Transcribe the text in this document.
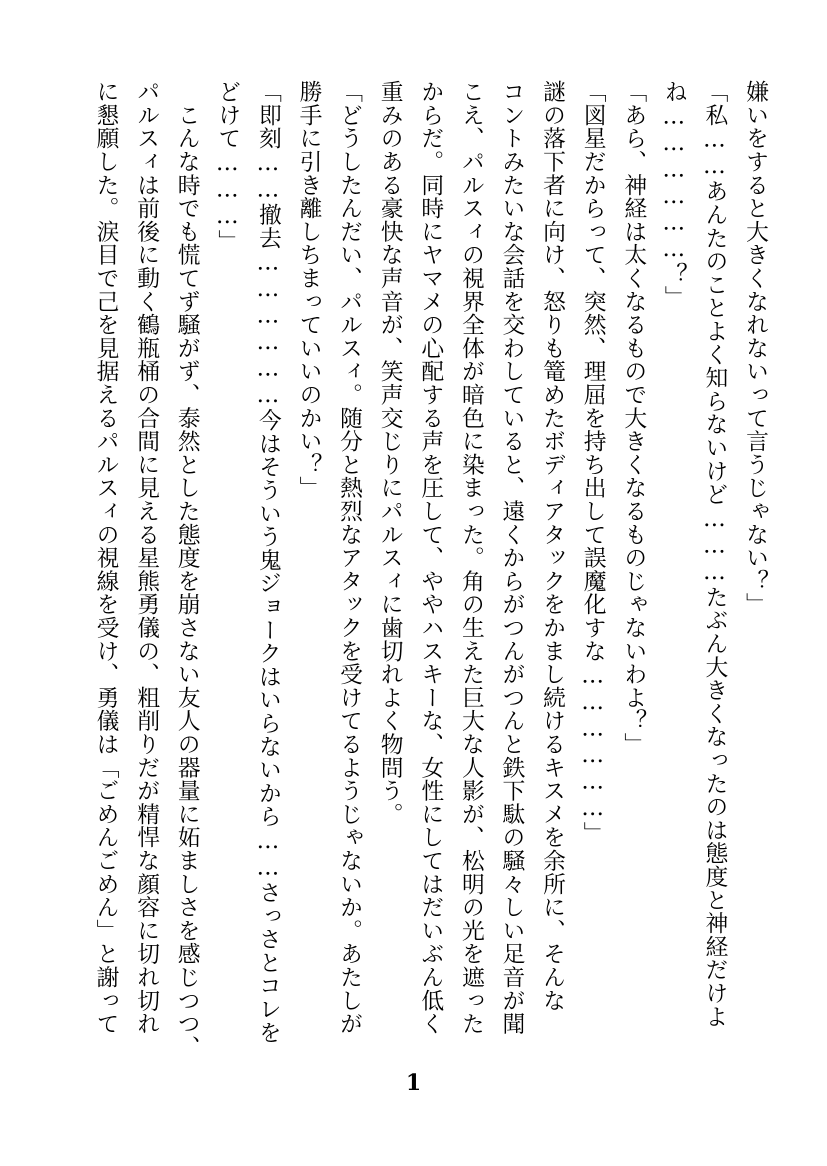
嫌いをすると大きくなれないって言うじゃない？」

「私……あんたのことよく知らないけど………たぶん大きくなったのは態度と神経だけよ

ね………………？」

「あら、神経は太くなるもので大きくなるものじゃないわよ？」

「図星だからって、突然、理屈を持ち出して誤魔化すな………………」

謎の落下者に向け、怒りも篭めたボディアタックをかまし続けるキスメを余所に、そんな

コントみたいな会話を交わしていると、遠くからがつんがつんと鉄下駄の騒々しい足音が聞

こえ、パルスィの視界全体が暗色に染まった。角の生えた巨大な人影が、松明の光を遮った

からだ。同時にヤマメの心配する声を圧して、ややハスキーな、女性にしてはだいぶん低く

重みのある豪快な声音が、笑声交じりにパルスィに歯切れよく物問う。

「どうしたんだい、パルスィ。随分と熱烈なアタックを受けてるようじゃないか。あたしが

勝手に引き離しちまっていいのかい？」

「即刻……撤去………………今はそういう鬼ジョークはいらないから……さっさとコレを

どけて………」

　こんな時でも慌てず騒がず、泰然とした態度を崩さない友人の器量に妬ましさを感じつつ、

パルスィは前後に動く鶴瓶桶の合間に見える星熊勇儀の、粗削りだが精悍な顔容に切れ切れ

に懇願した。涙目で己を見据えるパルスィの視線を受け、勇儀は「ごめんごめん」と謝って

1
